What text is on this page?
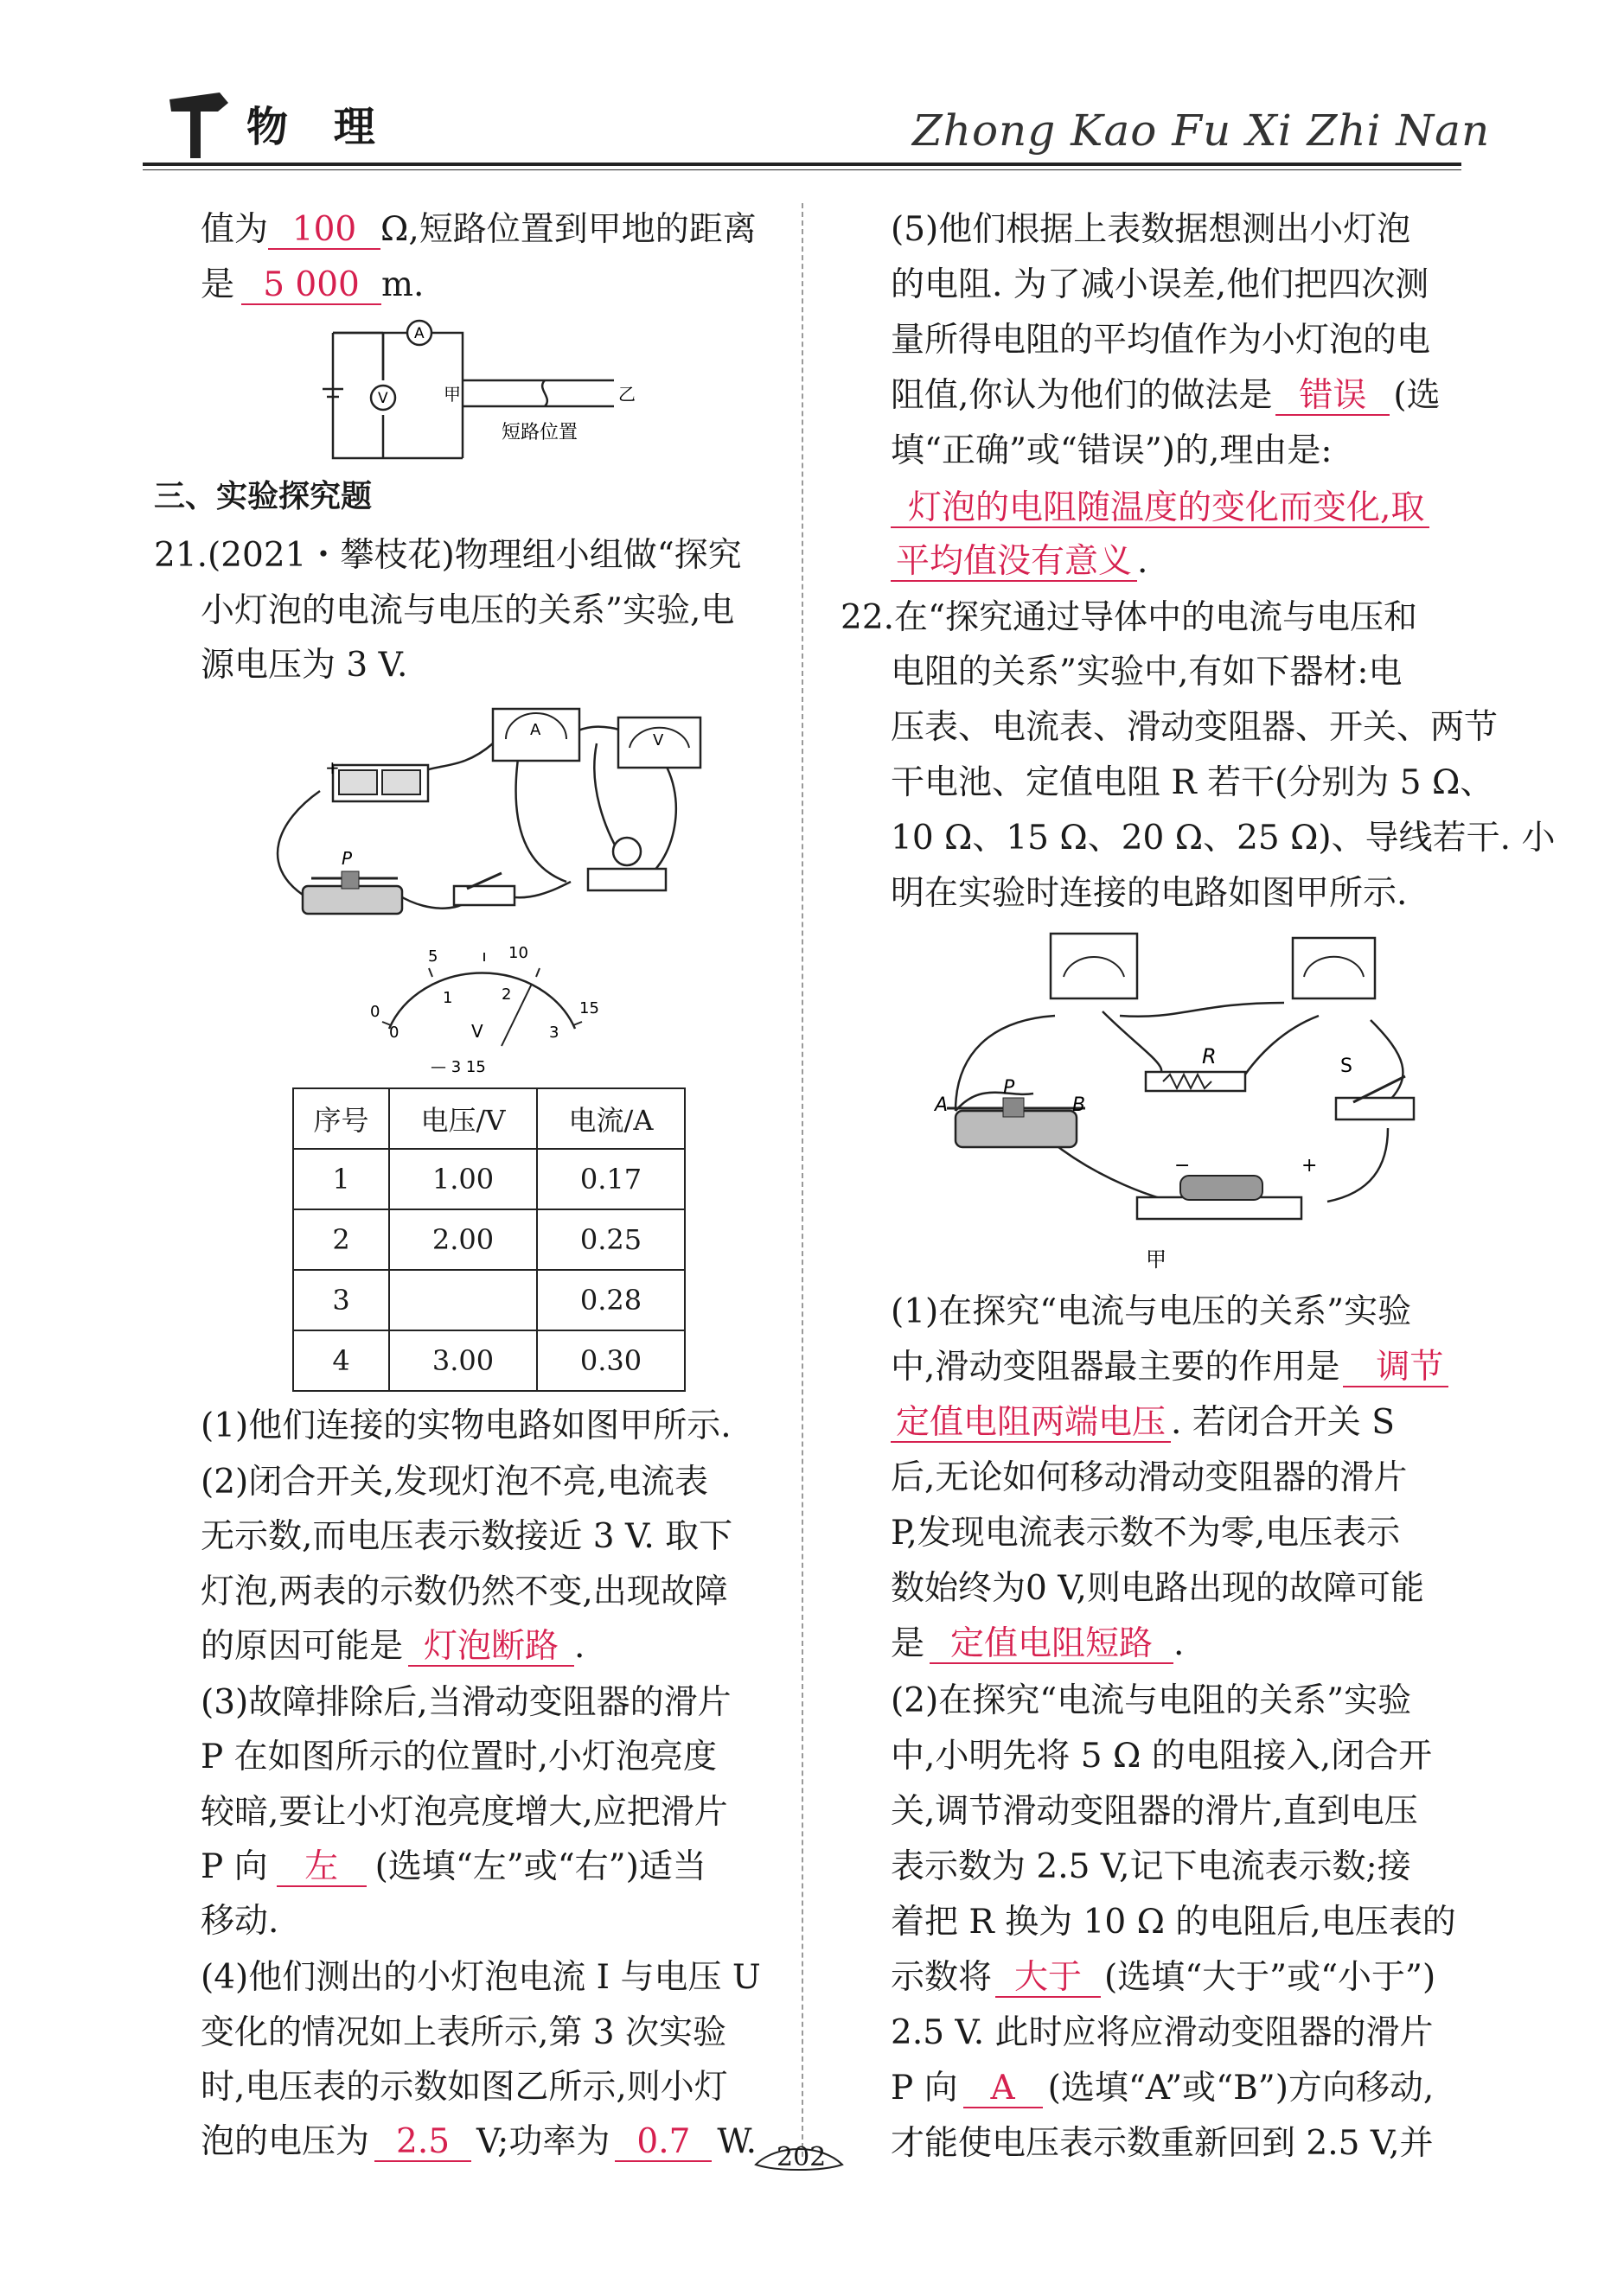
物 理	Zhong Kao Fu Xi Zhi Nan
值为 100 Ω,短路位置到甲地的距离
是 5 000 m.
A
V	甲	乙
短路位置
三、实验探究题
21.(2021・攀枝花)物理组小组做“探究
小灯泡的电流与电压的关系”实验,电
源电压为 3 V.
+
A
V
P
0
5	10
15
0
1	2
3
V
— 3 15
序号	电压/V	电流/A
1	1.00	0.17
2	2.00	0.25
3		0.28
4	3.00	0.30
(1)他们连接的实物电路如图甲所示.
(2)闭合开关,发现灯泡不亮,电流表
无示数,而电压表示数接近 3 V. 取下
灯泡,两表的示数仍然不变,出现故障
的原因可能是 灯泡断路 .
(3)故障排除后,当滑动变阻器的滑片
P 在如图所示的位置时,小灯泡亮度
较暗,要让小灯泡亮度增大,应把滑片
P 向 左 (选填“左”或“右”)适当
移动.
(4)他们测出的小灯泡电流 I 与电压 U
变化的情况如上表所示,第 3 次实验
时,电压表的示数如图乙所示,则小灯
泡的电压为 2.5 V;功率为 0.7 W.
(5)他们根据上表数据想测出小灯泡
的电阻. 为了减小误差,他们把四次测
量所得电阻的平均值作为小灯泡的电
阻值,你认为他们的做法是 错误 (选
填“正确”或“错误”)的,理由是:
灯泡的电阻随温度的变化而变化,取
平均值没有意义 .
22.在“探究通过导体中的电流与电压和
电阻的关系”实验中,有如下器材:电
压表、电流表、滑动变阻器、开关、两节
干电池、定值电阻 R 若干(分别为 5 Ω、
10 Ω、15 Ω、20 Ω、25 Ω)、导线若干. 小
明在实验时连接的电路如图甲所示.
R	S
A
P
B
−	+
甲
(1)在探究“电流与电压的关系”实验
中,滑动变阻器最主要的作用是 调节
定值电阻两端电压 . 若闭合开关 S
后,无论如何移动滑动变阻器的滑片
P,发现电流表示数不为零,电压表示
数始终为0 V,则电路出现的故障可能
是 定值电阻短路 .
(2)在探究“电流与电阻的关系”实验
中,小明先将 5 Ω 的电阻接入,闭合开
关,调节滑动变阻器的滑片,直到电压
表示数为 2.5 V,记下电流表示数;接
着把 R 换为 10 Ω 的电阻后,电压表的
示数将 大于 (选填“大于”或“小于”)
2.5 V. 此时应将应滑动变阻器的滑片
P 向 A (选填“A”或“B”)方向移动,
才能使电压表示数重新回到 2.5 V,并
202
